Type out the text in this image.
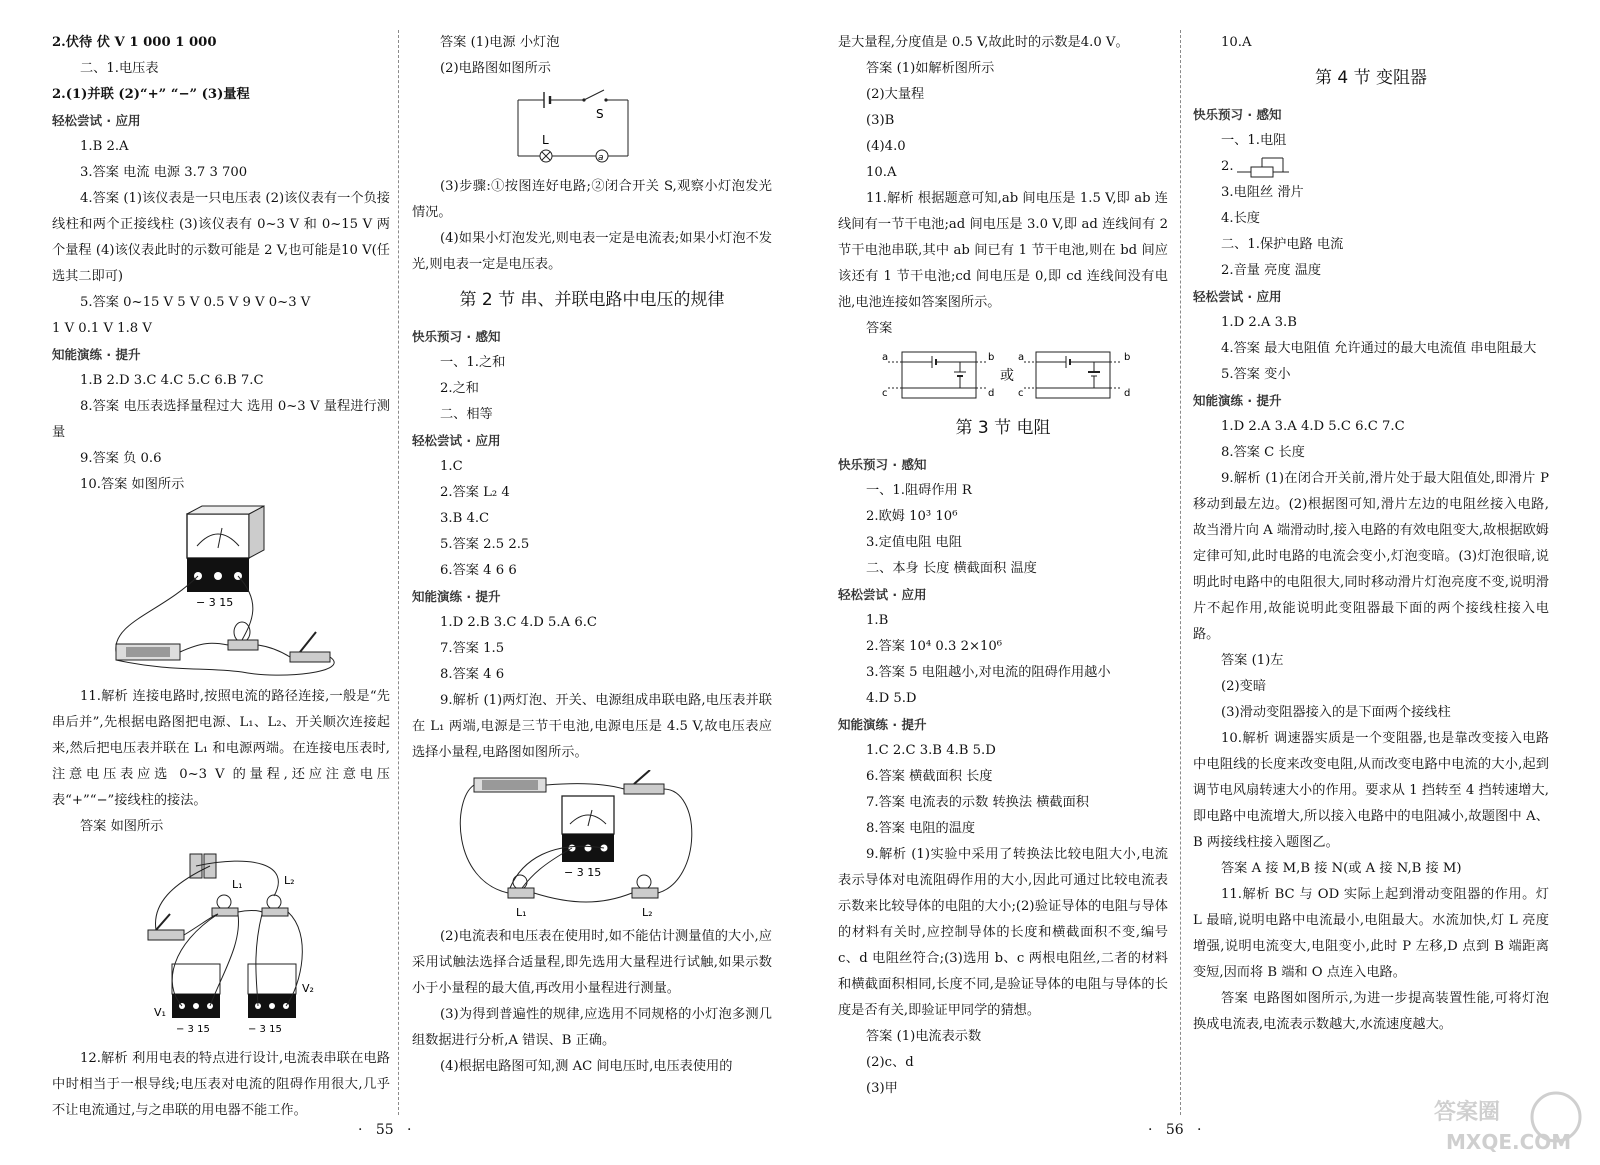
2.伏待 伏 V 1 000 1 000

二、1.电压表

2.(1)并联 (2)“+” “−” (3)量程

轻松尝试 · 应用

1.B 2.A

3.答案 电流 电源 3.7 3 700

4.答案 (1)该仪表是一只电压表 (2)该仪表有一个负接线柱和两个正接线柱 (3)该仪表有 0~3 V 和 0~15 V 两个量程 (4)该仪表此时的示数可能是 2 V,也可能是10 V(任选其二即可)

5.答案 0~15 V 5 V 0.5 V 9 V 0~3 V

1 V 0.1 V 1.8 V

知能演练 · 提升

1.B 2.D 3.C 4.C 5.C 6.B 7.C

8.答案 电压表选择量程过大 选用 0~3 V 量程进行测量

9.答案 负 0.6

10.答案 如图所示

− 3 15

11.解析 连接电路时,按照电流的路径连接,一般是“先串后并”,先根据电路图把电源、L₁、L₂、开关顺次连接起来,然后把电压表并联在 L₁ 和电源两端。在连接电压表时,注意电压表应选 0~3 V 的量程,还应注意电压表“+”“−”接线柱的接法。

答案 如图所示

L₁	L₂
− 3 15
V₁
− 3 15
V₂

12.解析 利用电表的特点进行设计,电流表串联在电路中时相当于一根导线;电压表对电流的阻碍作用很大,几乎不让电流通过,与之串联的用电器不能工作。

答案 (1)电源 小灯泡

(2)电路图如图所示

S
L
a

(3)步骤:①按图连好电路;②闭合开关 S,观察小灯泡发光情况。

(4)如果小灯泡发光,则电表一定是电流表;如果小灯泡不发光,则电表一定是电压表。

第 2 节 串、并联电路中电压的规律

快乐预习 · 感知

一、1.之和

2.之和

二、相等

轻松尝试 · 应用

1.C

2.答案 L₂ 4

3.B 4.C

5.答案 2.5 2.5

6.答案 4 6 6

知能演练 · 提升

1.D 2.B 3.C 4.D 5.A 6.C

7.答案 1.5

8.答案 4 6

9.解析 (1)两灯泡、开关、电源组成串联电路,电压表并联在 L₁ 两端,电源是三节干电池,电源电压是 4.5 V,故电压表应选择小量程,电路图如图所示。

− 3 15
L₁	L₂

(2)电流表和电压表在使用时,如不能估计测量值的大小,应采用试触法选择合适量程,即先选用大量程进行试触,如果示数小于小量程的最大值,再改用小量程进行测量。

(3)为得到普遍性的规律,应选用不同规格的小灯泡多测几组数据进行分析,A 错误、B 正确。

(4)根据电路图可知,测 AC 间电压时,电压表使用的

是大量程,分度值是 0.5 V,故此时的示数是4.0 V。

答案 (1)如解析图所示

(2)大量程

(3)B

(4)4.0

10.A

11.解析 根据题意可知,ab 间电压是 1.5 V,即 ab 连线间有一节干电池;ad 间电压是 3.0 V,即 ad 连线间有 2 节干电池串联,其中 ab 间已有 1 节干电池,则在 bd 间应该还有 1 节干电池;cd 间电压是 0,即 cd 连线间没有电池,电池连接如答案图所示。

答案

a
c
b
d
或
a
c
b
d

第 3 节 电阻

快乐预习 · 感知

一、1.阻碍作用 R

2.欧姆 10³ 10⁶

3.定值电阻 电阻

二、本身 长度 横截面积 温度

轻松尝试 · 应用

1.B

2.答案 10⁴ 0.3 2×10⁶

3.答案 5 电阻越小,对电流的阻碍作用越小

4.D 5.D

知能演练 · 提升

1.C 2.C 3.B 4.B 5.D

6.答案 横截面积 长度

7.答案 电流表的示数 转换法 横截面积

8.答案 电阻的温度

9.解析 (1)实验中采用了转换法比较电阻大小,电流表示导体对电流阻碍作用的大小,因此可通过比较电流表示数来比较导体的电阻的大小;(2)验证导体的电阻与导体的材料有关时,应控制导体的长度和横截面积不变,编号 c、d 电阻丝符合;(3)选用 b、c 两根电阻丝,二者的材料和横截面积相同,长度不同,是验证导体的电阻与导体的长度是否有关,即验证甲同学的猜想。

答案 (1)电流表示数

(2)c、d

(3)甲

10.A

第 4 节 变阻器

快乐预习 · 感知

一、1.电阻

2.

3.电阻丝 滑片

4.长度

二、1.保护电路 电流

2.音量 亮度 温度

轻松尝试 · 应用

1.D 2.A 3.B

4.答案 最大电阻值 允许通过的最大电流值 串电阻最大

5.答案 变小

知能演练 · 提升

1.D 2.A 3.A 4.D 5.C 6.C 7.C

8.答案 C 长度

9.解析 (1)在闭合开关前,滑片处于最大阻值处,即滑片 P 移动到最左边。(2)根据图可知,滑片左边的电阻丝接入电路,故当滑片向 A 端滑动时,接入电路的有效电阻变大,故根据欧姆定律可知,此时电路的电流会变小,灯泡变暗。(3)灯泡很暗,说明此时电路中的电阻很大,同时移动滑片灯泡亮度不变,说明滑片不起作用,故能说明此变阻器最下面的两个接线柱接入电路。

答案 (1)左

(2)变暗

(3)滑动变阻器接入的是下面两个接线柱

10.解析 调速器实质是一个变阻器,也是靠改变接入电路中电阻线的长度来改变电阻,从而改变电路中电流的大小,起到调节电风扇转速大小的作用。要求从 1 挡转至 4 挡转速增大,即电路中电流增大,所以接入电路中的电阻减小,故题图中 A、B 两接线柱接入题图乙。

答案 A 接 M,B 接 N(或 A 接 N,B 接 M)

11.解析 BC 与 OD 实际上起到滑动变阻器的作用。灯 L 最暗,说明电路中电流最小,电阻最大。水流加快,灯 L 亮度增强,说明电流变大,电阻变小,此时 P 左移,D 点到 B 端距离变短,因而将 B 端和 O 点连入电路。

答案 电路图如图所示,为进一步提高装置性能,可将灯泡换成电流表,电流表示数越大,水流速度越大。

· 55 ·	· 56 ·
答案圈
MXQE.COM
